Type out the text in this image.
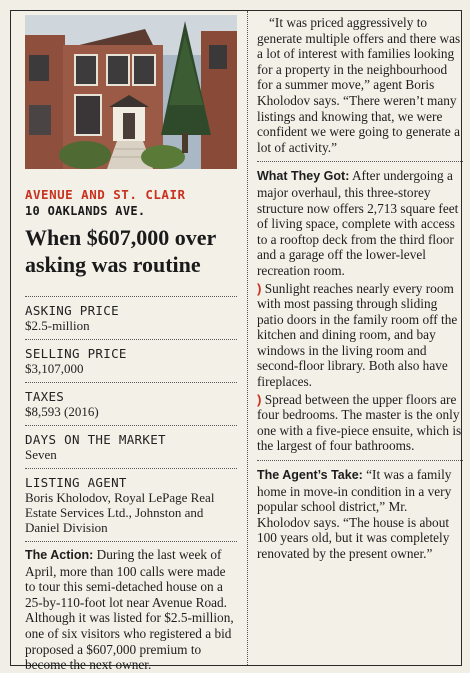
AVENUE AND ST. CLAIR
10 OAKLANDS AVE.
When $607,000 over asking was routine
ASKING PRICE
$2.5-million
SELLING PRICE
$3,107,000
TAXES
$8,593 (2016)
DAYS ON THE MARKET
Seven
LISTING AGENT
Boris Kholodov, Royal LePage Real Estate Services Ltd., Johnston and Daniel Division

The Action: During the last week of April, more than 100 calls were made to tour this semi-detached house on a 25-by-110-foot lot near Avenue Road. Although it was listed for $2.5-million, one of six visitors who registered a bid proposed a $607,000 premium to become the next owner.

“It was priced aggressively to generate multiple offers and there was a lot of interest with families looking for a property in the neighbourhood for a summer move,” agent Boris Kholodov says. “There weren’t many listings and knowing that, we were confident we were going to generate a lot of activity.”

What They Got: After undergoing a major overhaul, this three-storey structure now offers 2,713 square feet of living space, complete with access to a rooftop deck from the third floor and a garage off the lower-level recreation room.

) Sunlight reaches nearly every room with most passing through sliding patio doors in the family room off the kitchen and dining room, and bay windows in the living room and second-floor library. Both also have fireplaces.

) Spread between the upper floors are four bedrooms. The master is the only one with a five-piece ensuite, which is the largest of four bathrooms.

The Agent’s Take: “It was a family home in move-in condition in a very popular school district,” Mr. Kholodov says. “The house is about 100 years old, but it was completely renovated by the present owner.”
